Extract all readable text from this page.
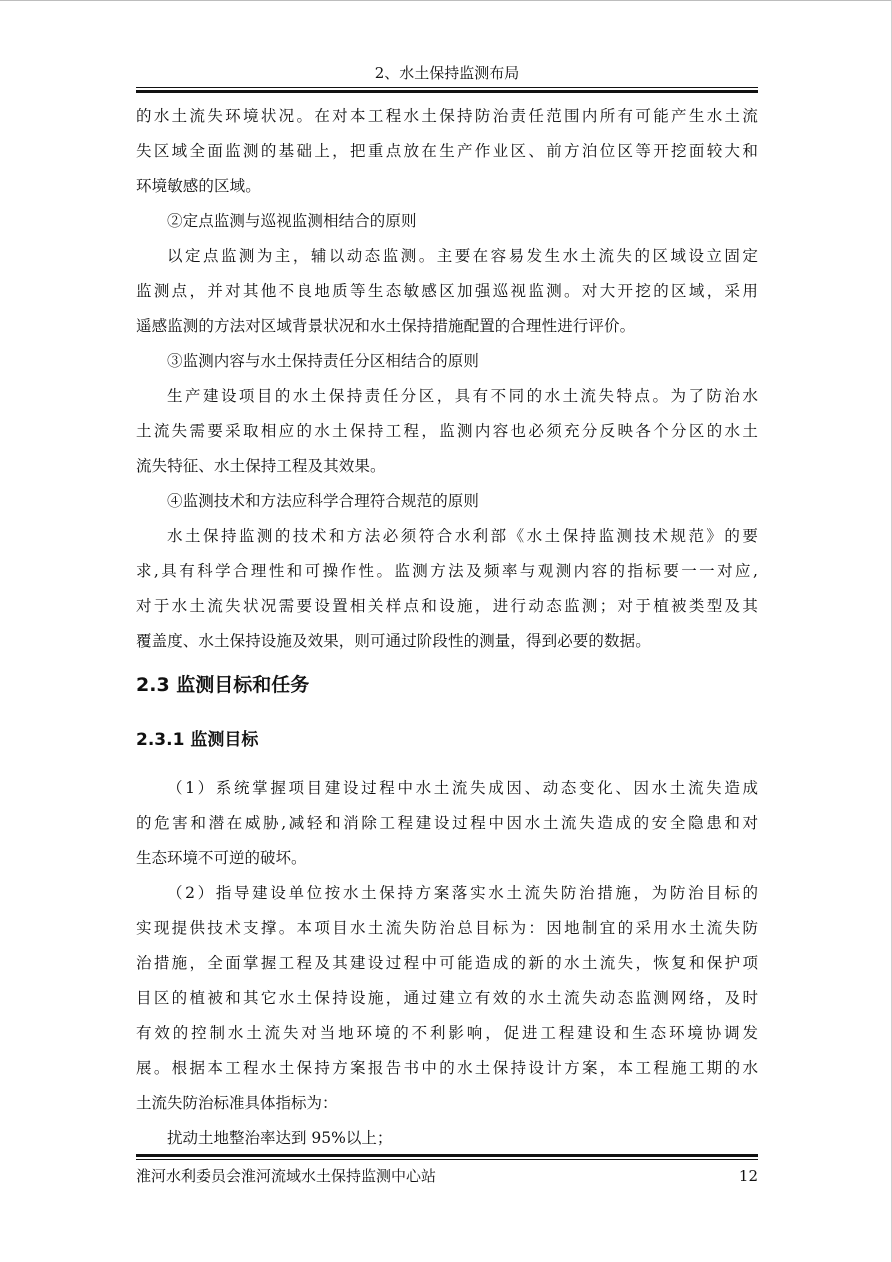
2、水土保持监测布局

的水土流失环境状况。在对本工程水土保持防治责任范围内所有可能产生水土流

失区域全面监测的基础上，把重点放在生产作业区、前方泊位区等开挖面较大和

环境敏感的区域。

②定点监测与巡视监测相结合的原则

以定点监测为主，辅以动态监测。主要在容易发生水土流失的区域设立固定

监测点，并对其他不良地质等生态敏感区加强巡视监测。对大开挖的区域，采用

遥感监测的方法对区域背景状况和水土保持措施配置的合理性进行评价。

③监测内容与水土保持责任分区相结合的原则

生产建设项目的水土保持责任分区，具有不同的水土流失特点。为了防治水

土流失需要采取相应的水土保持工程，监测内容也必须充分反映各个分区的水土

流失特征、水土保持工程及其效果。

④监测技术和方法应科学合理符合规范的原则

水土保持监测的技术和方法必须符合水利部《水土保持监测技术规范》的要

求,具有科学合理性和可操作性。监测方法及频率与观测内容的指标要一一对应,

对于水土流失状况需要设置相关样点和设施，进行动态监测；对于植被类型及其

覆盖度、水土保持设施及效果，则可通过阶段性的测量，得到必要的数据。

2.3 监测目标和任务
2.3.1 监测目标

（1）系统掌握项目建设过程中水土流失成因、动态变化、因水土流失造成

的危害和潜在威胁,减轻和消除工程建设过程中因水土流失造成的安全隐患和对

生态环境不可逆的破坏。

（2）指导建设单位按水土保持方案落实水土流失防治措施，为防治目标的

实现提供技术支撑。本项目水土流失防治总目标为：因地制宜的采用水土流失防

治措施，全面掌握工程及其建设过程中可能造成的新的水土流失，恢复和保护项

目区的植被和其它水土保持设施，通过建立有效的水土流失动态监测网络，及时

有效的控制水土流失对当地环境的不利影响，促进工程建设和生态环境协调发

展。根据本工程水土保持方案报告书中的水土保持设计方案，本工程施工期的水

土流失防治标准具体指标为：

扰动土地整治率达到 95%以上；

淮河水利委员会淮河流域水土保持监测中心站	12
